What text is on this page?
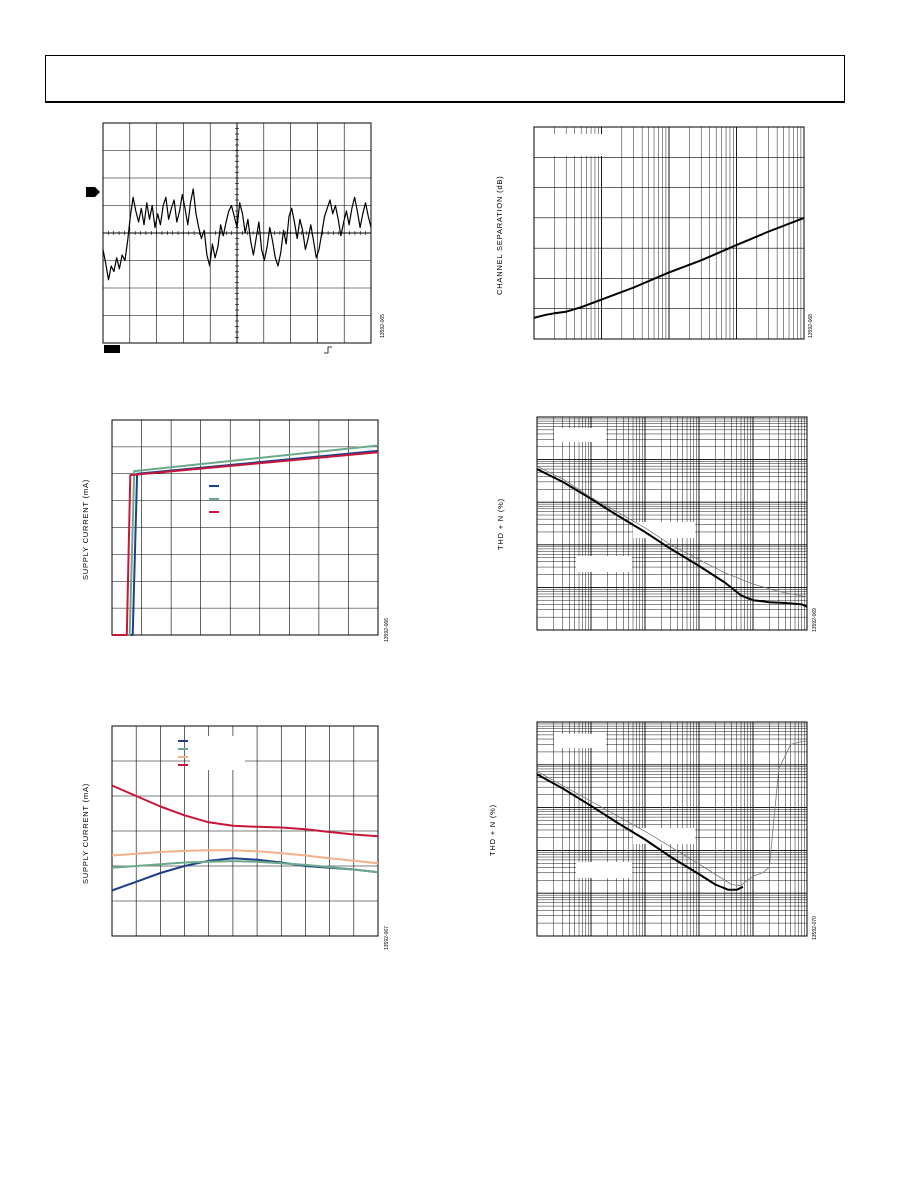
13592-065
CHANNEL SEPARATION (dB)
13592-068
SUPPLY CURRENT (mA)
13592-066
SUPPLY CURRENT (mA)
13592-067
THD + N (%)
13592-069
THD + N (%)
13592-070
